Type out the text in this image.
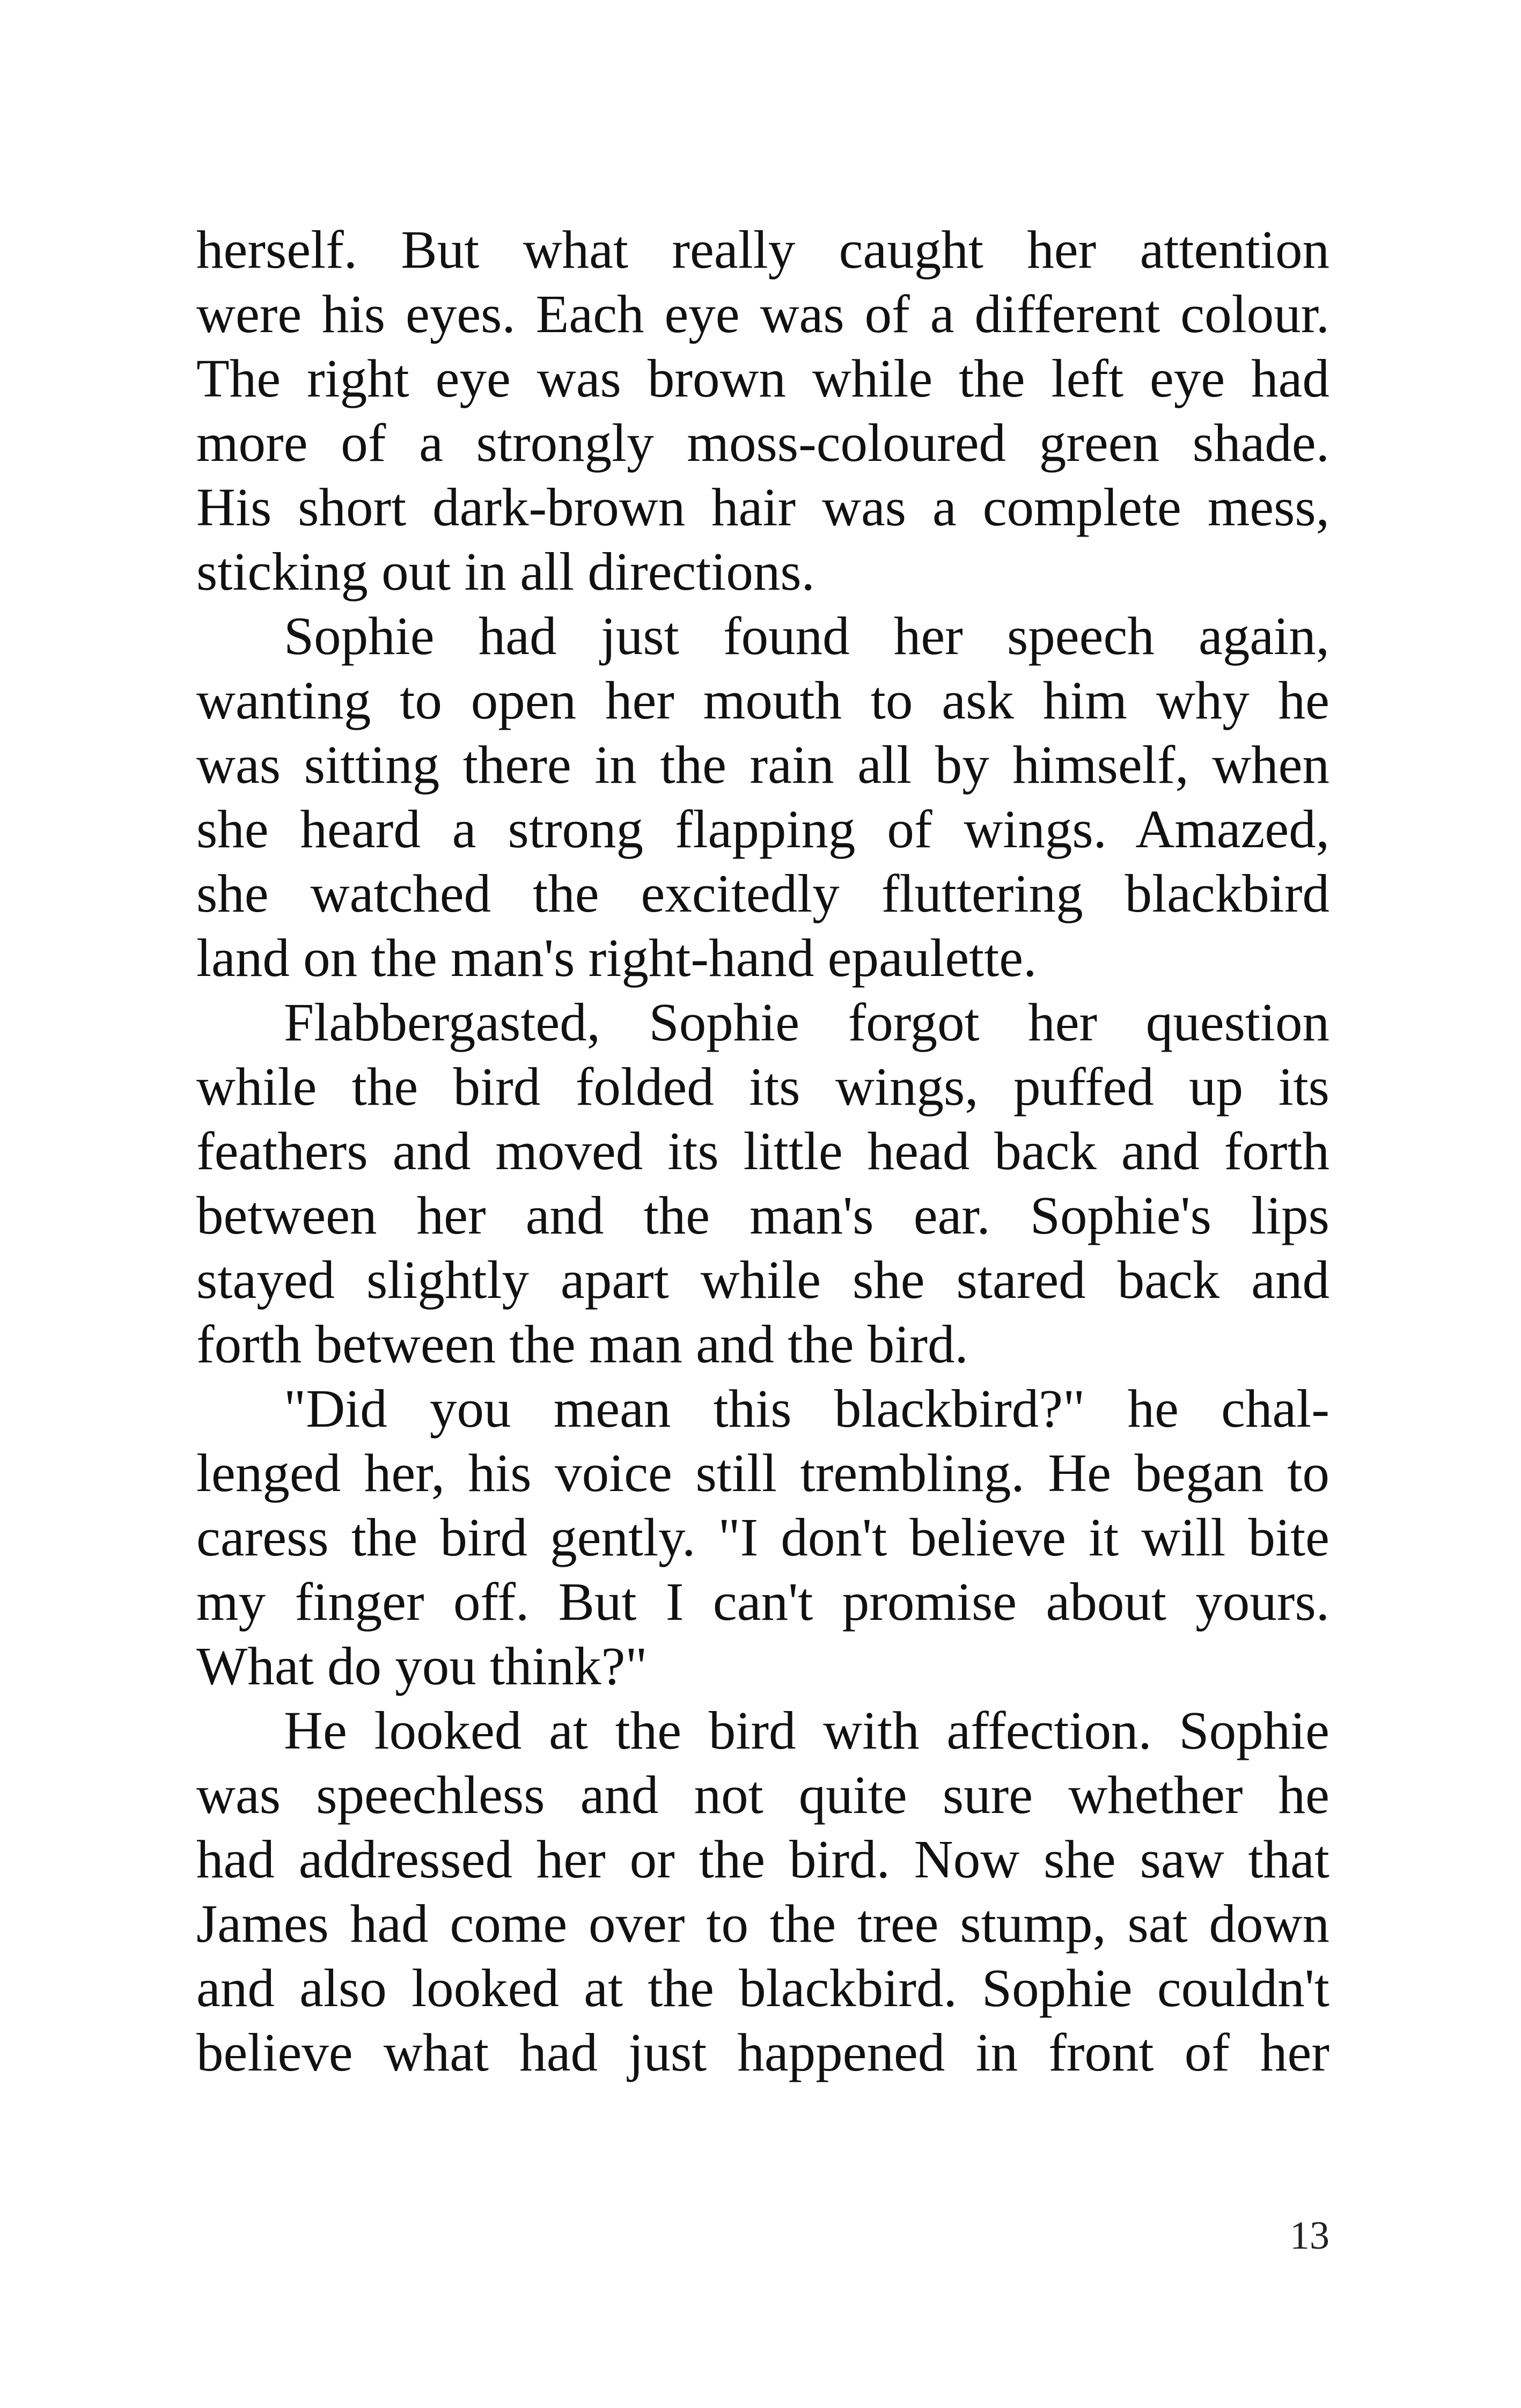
herself. But what really caught her attention
were his eyes. Each eye was of a different colour.
The right eye was brown while the left eye had
more of a strongly moss-coloured green shade.
His short dark-brown hair was a complete mess,
sticking out in all directions.
Sophie had just found her speech again,
wanting to open her mouth to ask him why he
was sitting there in the rain all by himself, when
she heard a strong flapping of wings. Amazed,
she watched the excitedly fluttering blackbird
land on the man's right-hand epaulette.
Flabbergasted, Sophie forgot her question
while the bird folded its wings, puffed up its
feathers and moved its little head back and forth
between her and the man's ear. Sophie's lips
stayed slightly apart while she stared back and
forth between the man and the bird.
"Did you mean this blackbird?" he chal-
lenged her, his voice still trembling. He began to
caress the bird gently. "I don't believe it will bite
my finger off. But I can't promise about yours.
What do you think?"
He looked at the bird with affection. Sophie
was speechless and not quite sure whether he
had addressed her or the bird. Now she saw that
James had come over to the tree stump, sat down
and also looked at the blackbird. Sophie couldn't
believe what had just happened in front of her
13
